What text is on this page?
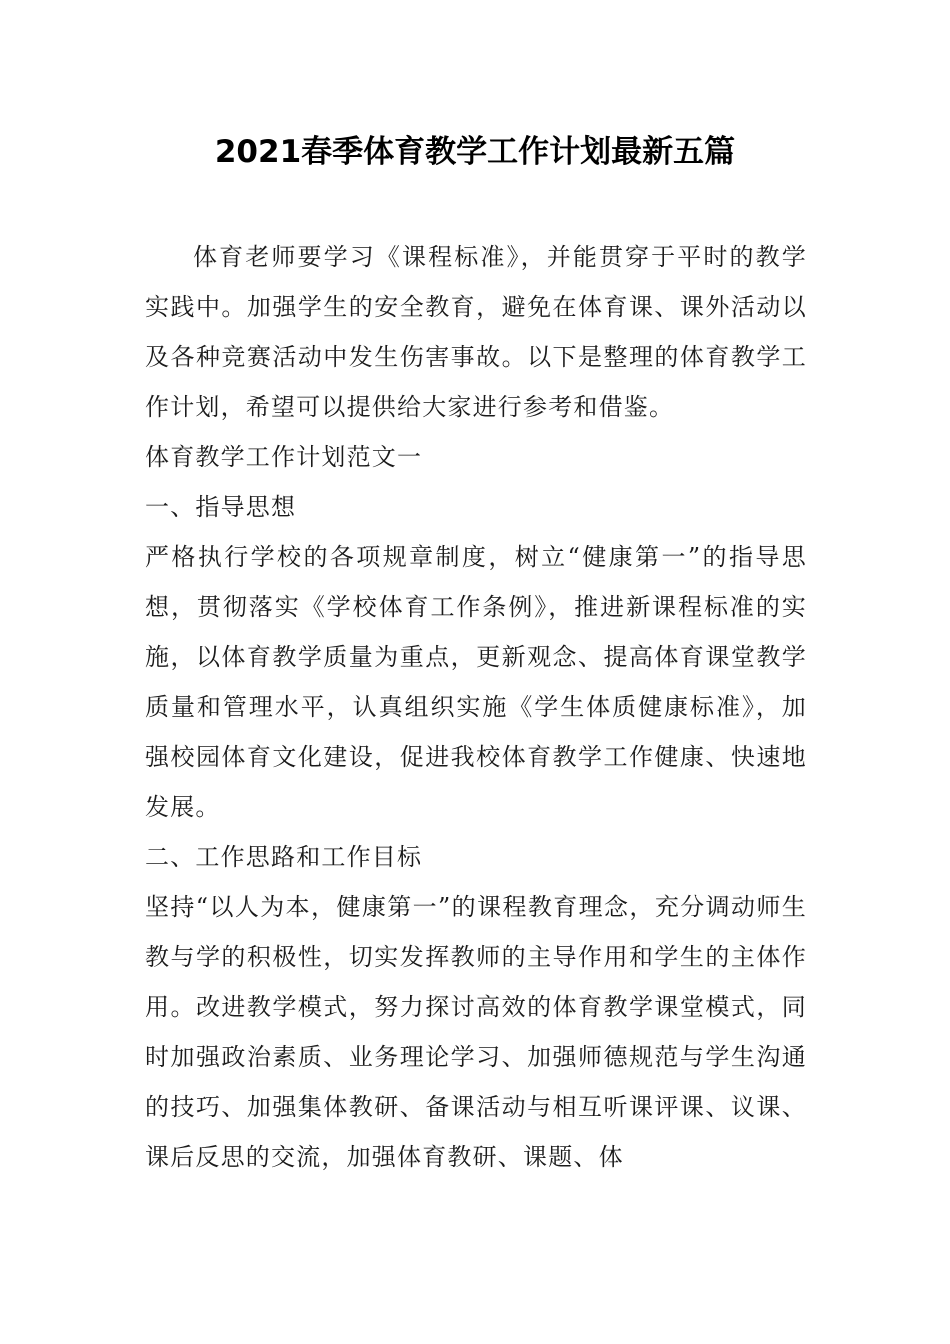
2021春季体育教学工作计划最新五篇

体育老师要学习《课程标准》，并能贯穿于平时的教学实践中。加强学生的安全教育，避免在体育课、课外活动以及各种竞赛活动中发生伤害事故。以下是整理的体育教学工作计划，希望可以提供给大家进行参考和借鉴。

体育教学工作计划范文一

一、指导思想

严格执行学校的各项规章制度，树立“健康第一”的指导思想，贯彻落实《学校体育工作条例》，推进新课程标准的实施，以体育教学质量为重点，更新观念、提高体育课堂教学质量和管理水平，认真组织实施《学生体质健康标准》，加强校园体育文化建设，促进我校体育教学工作健康、快速地发展。

二、工作思路和工作目标

坚持“以人为本，健康第一”的课程教育理念，充分调动师生教与学的积极性，切实发挥教师的主导作用和学生的主体作用。改进教学模式，努力探讨高效的体育教学课堂模式，同时加强政治素质、业务理论学习、加强师德规范与学生沟通的技巧、加强集体教研、备课活动与相互听课评课、议课、课后反思的交流，加强体育教研、课题、体
